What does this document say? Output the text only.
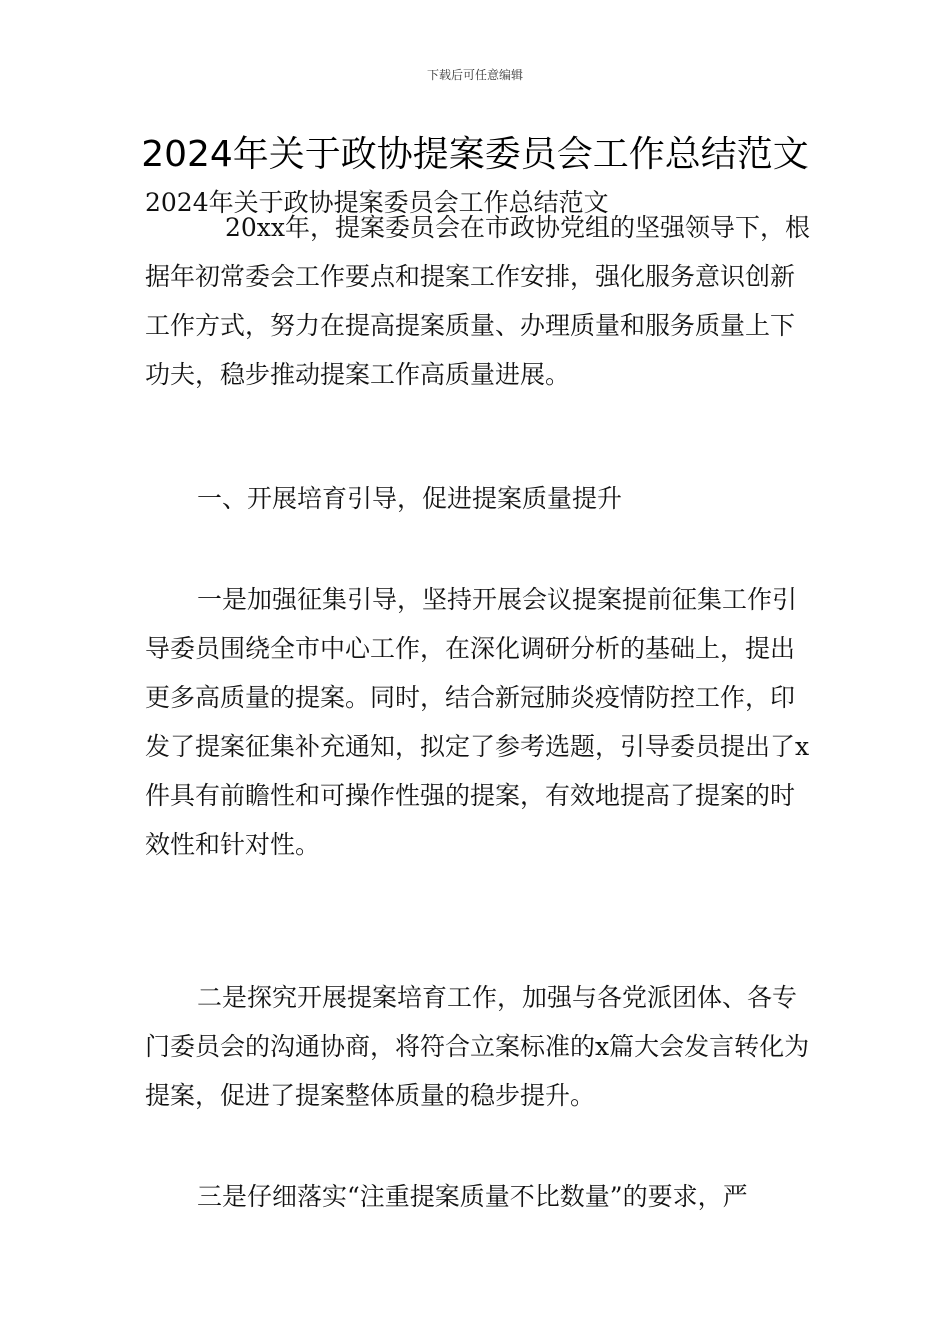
下载后可任意编辑
2024年关于政协提案委员会工作总结范文

2024年关于政协提案委员会工作总结范文

20xx年，提案委员会在市政协党组的坚强领导下，根据年初常委会工作要点和提案工作安排，强化服务意识创新工作方式，努力在提高提案质量、办理质量和服务质量上下功夫，稳步推动提案工作高质量进展。

一、开展培育引导，促进提案质量提升

一是加强征集引导，坚持开展会议提案提前征集工作引导委员围绕全市中心工作，在深化调研分析的基础上，提出更多高质量的提案。同时，结合新冠肺炎疫情防控工作，印发了提案征集补充通知，拟定了参考选题，引导委员提出了x件具有前瞻性和可操作性强的提案，有效地提高了提案的时效性和针对性。

二是探究开展提案培育工作，加强与各党派团体、各专门委员会的沟通协商，将符合立案标准的x篇大会发言转化为提案，促进了提案整体质量的稳步提升。

三是仔细落实“注重提案质量不比数量”的要求，严
